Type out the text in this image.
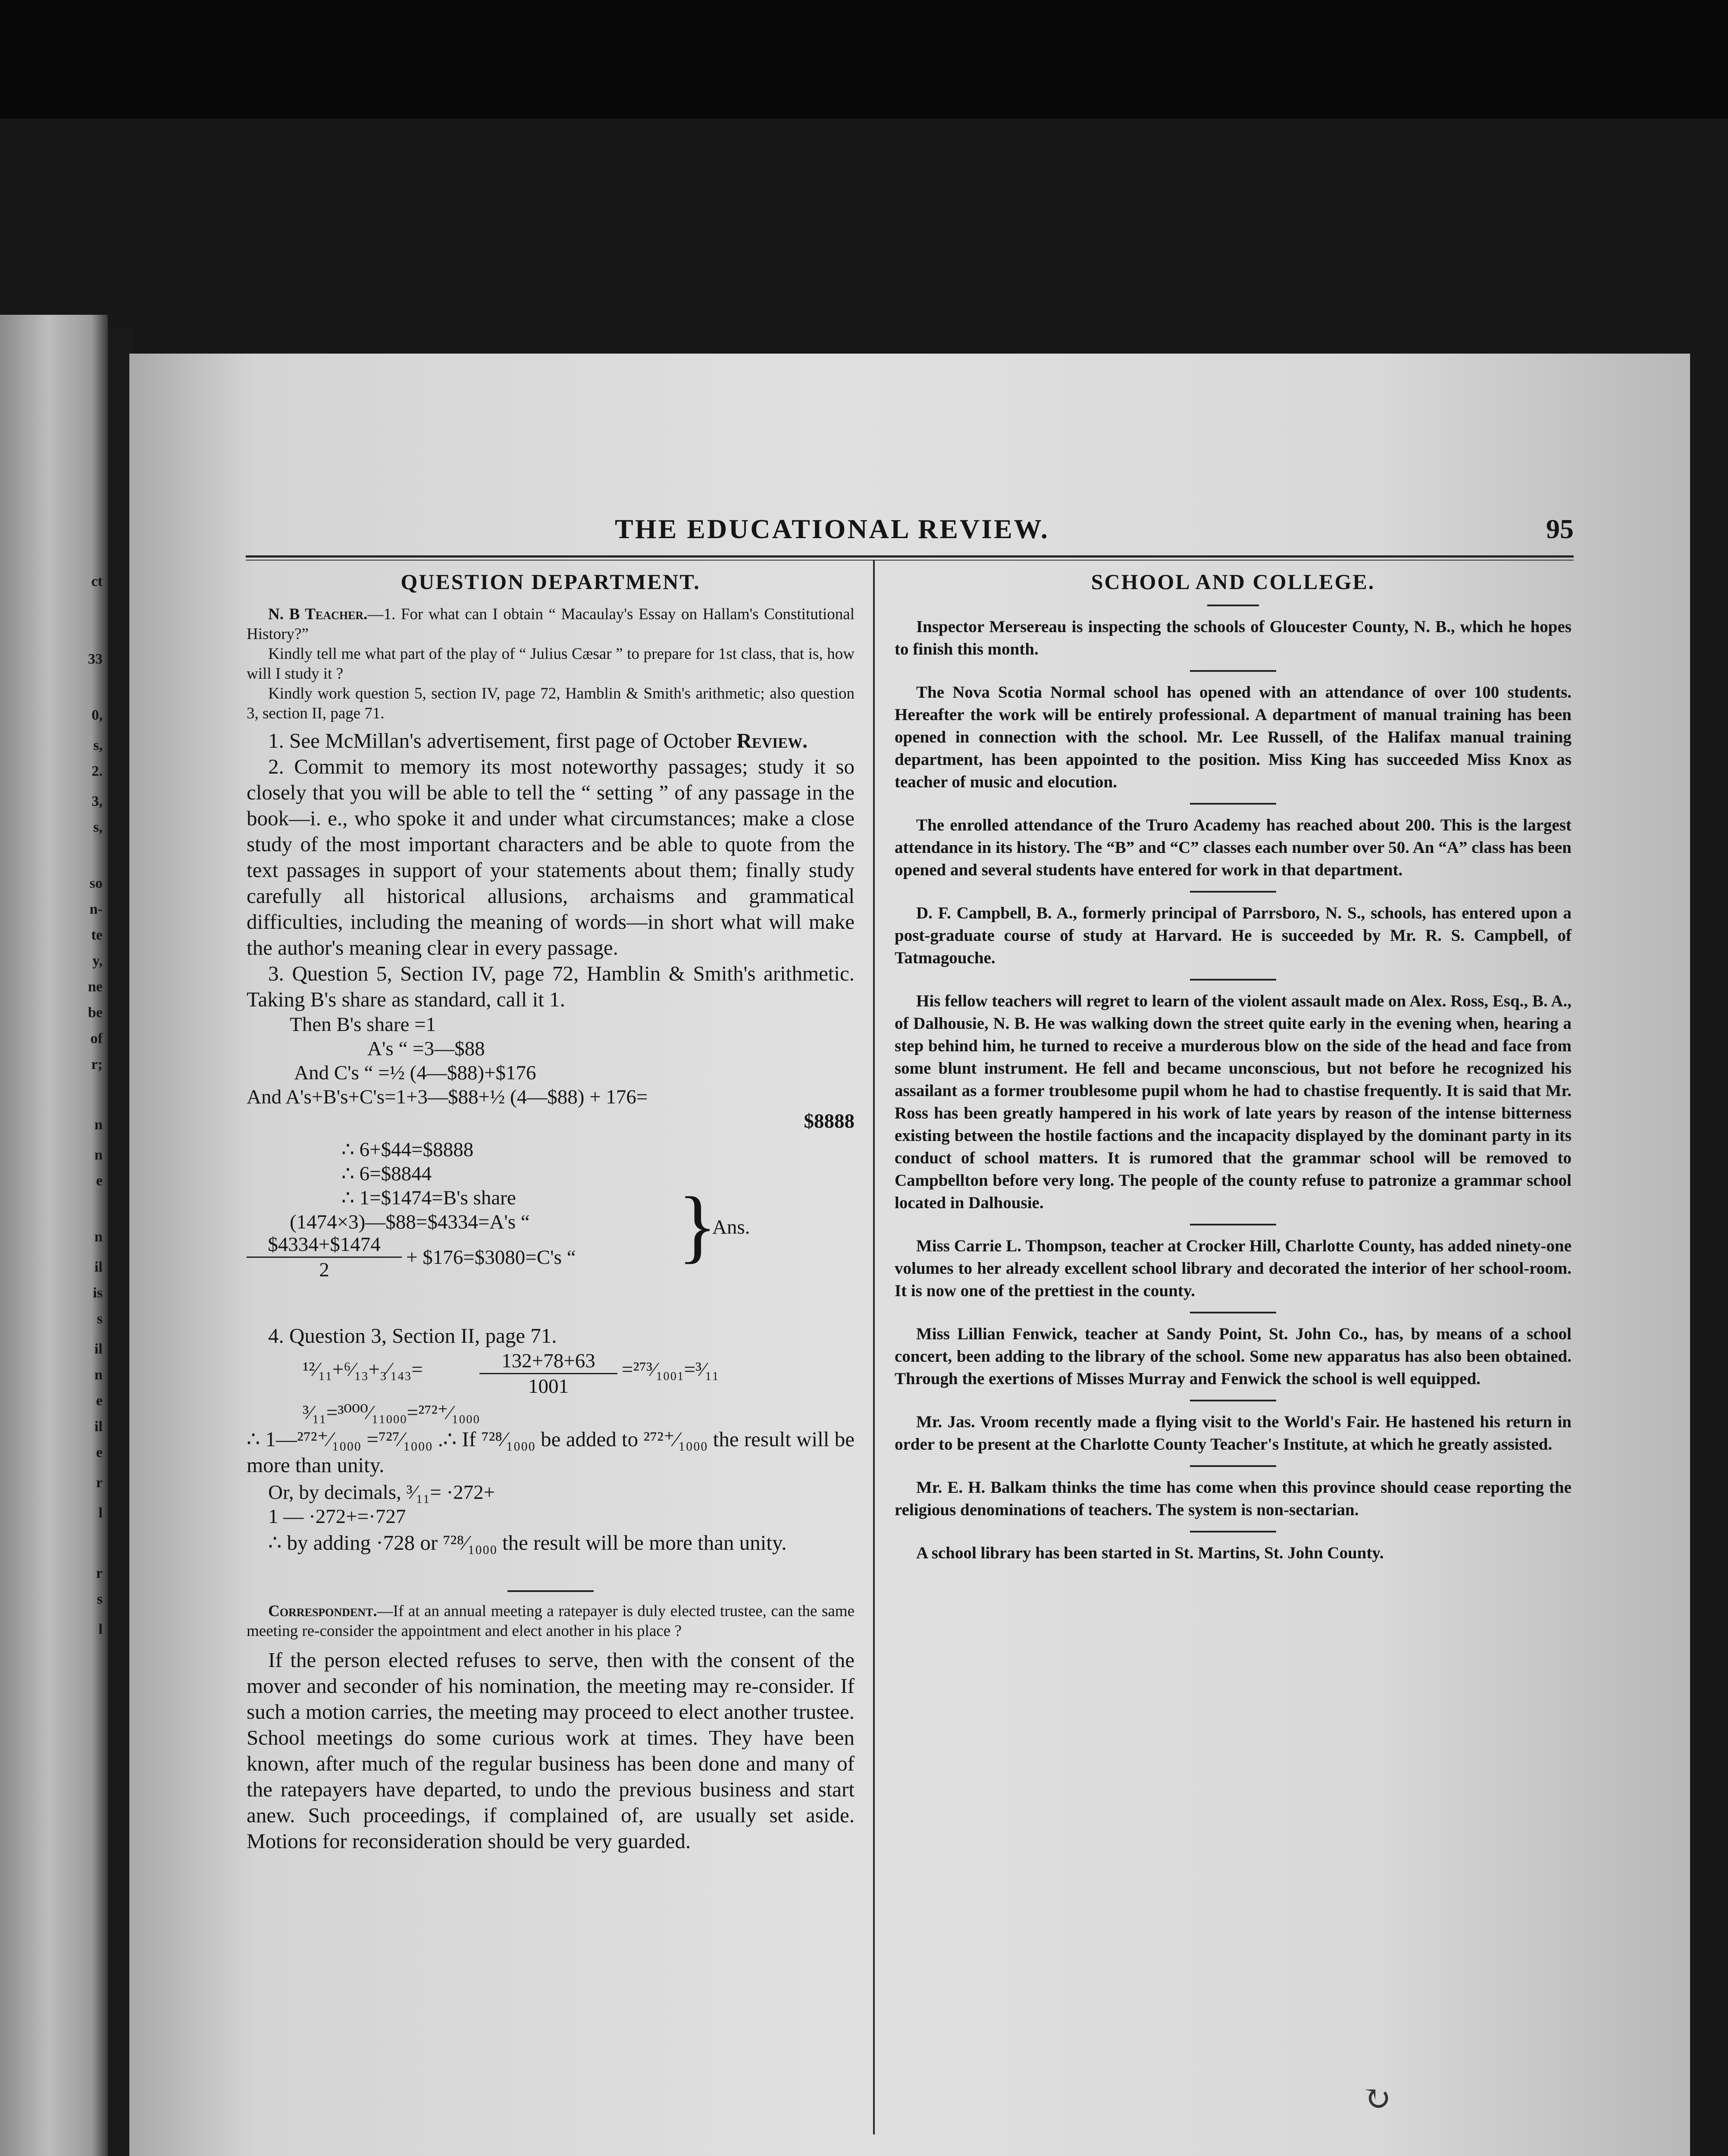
ct
33
0,
s,
2.
3,
s,
so
n-
te
y,
ne
be
of
r;
n
n
e
n
il
is
s
il
n
e
il
e
r
l
r
s
l
THE EDUCATIONAL REVIEW.	95
QUESTION DEPARTMENT.

N. B Teacher.—1. For what can I obtain “ Macaulay's Essay on Hallam's Constitutional History?”

Kindly tell me what part of the play of “ Julius Cæsar ” to prepare for 1st class, that is, how will I study it ?

Kindly work question 5, section IV, page 72, Hamblin & Smith's arithmetic; also question 3, section II, page 71.

1. See McMillan's advertisement, first page of October Review.

2. Commit to memory its most noteworthy passages; study it so closely that you will be able to tell the “ setting ” of any passage in the book—i. e., who spoke it and under what circumstances; make a close study of the most important characters and be able to quote from the text passages in support of your statements about them; finally study carefully all historical allusions, archaisms and grammatical difficulties, including the meaning of words—in short what will make the author's meaning clear in every passage.

3. Question 5, Section IV, page 72, Hamblin & Smith's arithmetic. Taking B's share as standard, call it 1.

Then B's share =1

A's “ =3—$88

And C's “ =½ (4—$88)+$176

And A's+B's+C's=1+3—$88+½ (4—$88) + 176=

$8888

∴ 6+$44=$8888

∴ 6=$8844

∴ 1=$1474=B's share

(1474×3)—$88=$4334=A's “

$\frac{\$4334+\$1474}{2}$ + $176=$3080=C's “ }

Ans.

4. Question 3, Section II, page 71.

¹²⁄₁₁+⁶⁄₁₃+₃⁄₁₄₃=	$\frac{132+78+63}{1001}$ =²⁷³⁄₁₀₀₁=³⁄₁₁

³⁄₁₁=³⁰⁰⁰⁄₁₁₀₀₀=²⁷²⁺⁄₁₀₀₀

∴ 1—²⁷²⁺⁄₁₀₀₀ =⁷²⁷⁄₁₀₀₀ .∴ If ⁷²⁸⁄₁₀₀₀ be added to ²⁷²⁺⁄₁₀₀₀ the result will be more than unity.

Or, by decimals, ³⁄₁₁= ·272+

1 — ·272+=·727

∴ by adding ·728 or ⁷²⁸⁄₁₀₀₀ the result will be more than unity.

Correspondent.—If at an annual meeting a ratepayer is duly elected trustee, can the same meeting re-consider the appointment and elect another in his place ?

If the person elected refuses to serve, then with the consent of the mover and seconder of his nomination, the meeting may re-consider. If such a motion carries, the meeting may proceed to elect another trustee. School meetings do some curious work at times. They have been known, after much of the regular business has been done and many of the ratepayers have departed, to undo the previous business and start anew. Such proceedings, if complained of, are usually set aside. Motions for reconsideration should be very guarded.

SCHOOL AND COLLEGE.

Inspector Mersereau is inspecting the schools of Gloucester County, N. B., which he hopes to finish this month.

The Nova Scotia Normal school has opened with an attendance of over 100 students. Hereafter the work will be entirely professional. A department of manual training has been opened in connection with the school. Mr. Lee Russell, of the Halifax manual training department, has been appointed to the position. Miss King has succeeded Miss Knox as teacher of music and elocution.

The enrolled attendance of the Truro Academy has reached about 200. This is the largest attendance in its history. The “B” and “C” classes each number over 50. An “A” class has been opened and several students have entered for work in that department.

D. F. Campbell, B. A., formerly principal of Parrsboro, N. S., schools, has entered upon a post-graduate course of study at Harvard. He is succeeded by Mr. R. S. Campbell, of Tatmagouche.

His fellow teachers will regret to learn of the violent assault made on Alex. Ross, Esq., B. A., of Dalhousie, N. B. He was walking down the street quite early in the evening when, hearing a step behind him, he turned to receive a murderous blow on the side of the head and face from some blunt instrument. He fell and became unconscious, but not before he recognized his assailant as a former troublesome pupil whom he had to chastise frequently. It is said that Mr. Ross has been greatly hampered in his work of late years by reason of the intense bitterness existing between the hostile factions and the incapacity displayed by the dominant party in its conduct of school matters. It is rumored that the grammar school will be removed to Campbellton before very long. The people of the county refuse to patronize a grammar school located in Dalhousie.

Miss Carrie L. Thompson, teacher at Crocker Hill, Charlotte County, has added ninety-one volumes to her already excellent school library and decorated the interior of her school-room. It is now one of the prettiest in the county.

Miss Lillian Fenwick, teacher at Sandy Point, St. John Co., has, by means of a school concert, been adding to the library of the school. Some new apparatus has also been obtained. Through the exertions of Misses Murray and Fenwick the school is well equipped.

Mr. Jas. Vroom recently made a flying visit to the World's Fair. He hastened his return in order to be present at the Charlotte County Teacher's Institute, at which he greatly assisted.

Mr. E. H. Balkam thinks the time has come when this province should cease reporting the religious denominations of teachers. The system is non-sectarian.

A school library has been started in St. Martins, St. John County.

↻
